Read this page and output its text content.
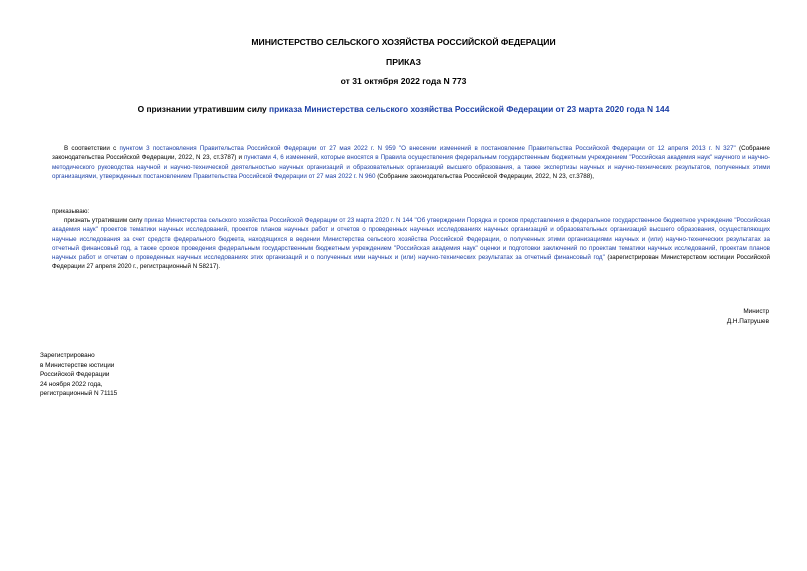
МИНИСТЕРСТВО СЕЛЬСКОГО ХОЗЯЙСТВА РОССИЙСКОЙ ФЕДЕРАЦИИ
ПРИКАЗ
от 31 октября 2022 года N 773
О признании утратившим силу приказа Министерства сельского хозяйства Российской Федерации от 23 марта 2020 года N 144

В соответствии с пунктом 3 постановления Правительства Российской Федерации от 27 мая 2022 г. N 959 "О внесении изменений в постановление Правительства Российской Федерации от 12 апреля 2013 г. N 327" (Собрание законодательства Российской Федерации, 2022, N 23, ст.3787) и пунктами 4, 6 изменений, которые вносятся в Правила осуществления федеральным государственным бюджетным учреждением "Российская академия наук" научного и научно-методического руководства научной и научно-технической деятельностью научных организаций и образовательных организаций высшего образования, а также экспертизы научных и научно-технических результатов, полученных этими организациями, утвержденных постановлением Правительства Российской Федерации от 27 мая 2022 г. N 960 (Собрание законодательства Российской Федерации, 2022, N 23, ст.3788),

приказываю:

признать утратившим силу приказ Министерства сельского хозяйства Российской Федерации от 23 марта 2020 г. N 144 "Об утверждении Порядка и сроков представления в федеральное государственное бюджетное учреждение "Российская академия наук" проектов тематики научных исследований, проектов планов научных работ и отчетов о проведенных научных исследованиях научных организаций и образовательных организаций высшего образования, осуществляющих научные исследования за счет средств федерального бюджета, находящихся в ведении Министерства сельского хозяйства Российской Федерации, о полученных этими организациями научных и (или) научно-технических результатах за отчетный финансовый год, а также сроков проведения федеральным государственным бюджетным учреждением "Российская академия наук" оценки и подготовки заключений по проектам тематики научных исследований, проектам планов научных работ и отчетам о проведенных научных исследованиях этих организаций и о полученных ими научных и (или) научно-технических результатах за отчетный финансовый год" (зарегистрирован Министерством юстиции Российской Федерации 27 апреля 2020 г., регистрационный N 58217).

Министр
Д.Н.Патрушев
Зарегистрировано
в Министерстве юстиции
Российской Федерации
24 ноября 2022 года,
регистрационный N 71115
